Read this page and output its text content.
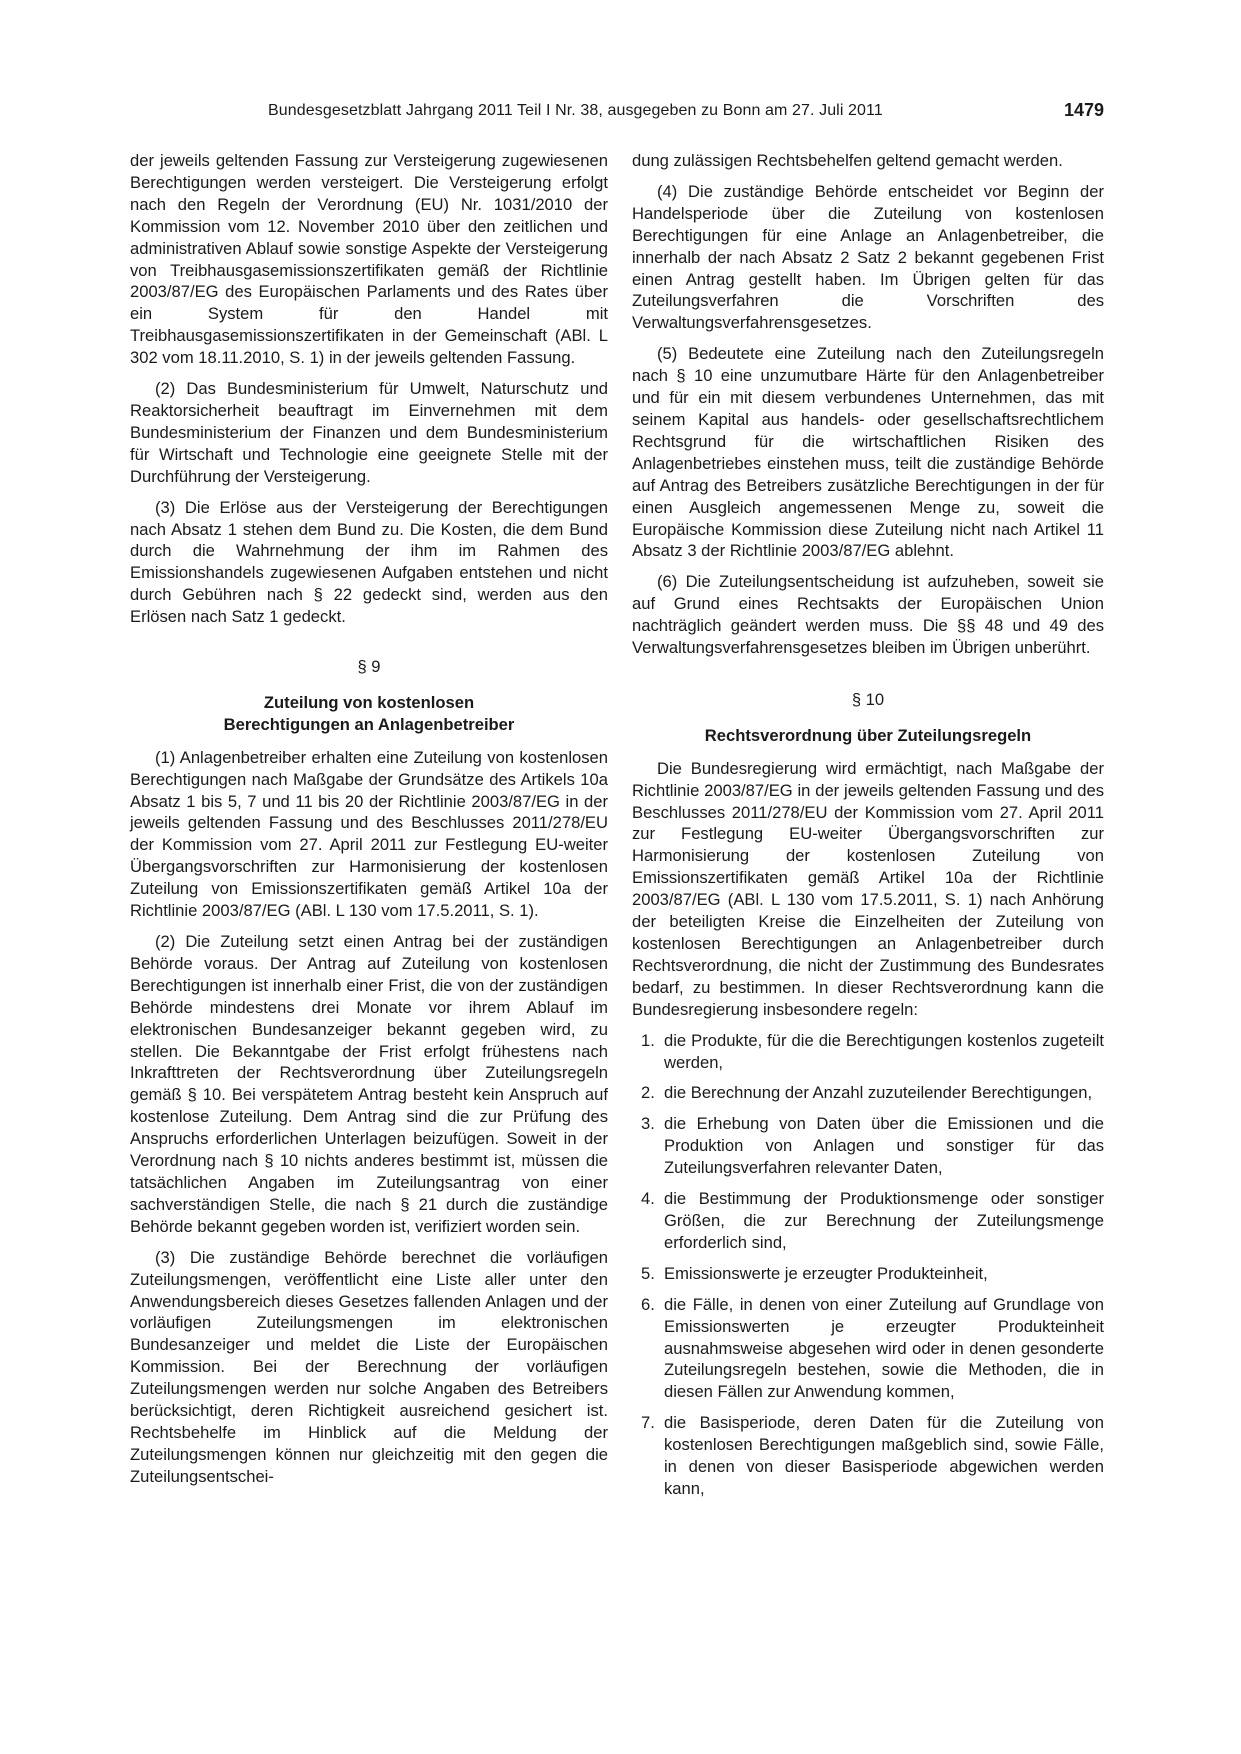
Bundesgesetzblatt Jahrgang 2011 Teil I Nr. 38, ausgegeben zu Bonn am 27. Juli 2011	1479

der jeweils geltenden Fassung zur Versteigerung zugewiesenen Berechtigungen werden versteigert. Die Versteigerung erfolgt nach den Regeln der Verordnung (EU) Nr. 1031/2010 der Kommission vom 12. November 2010 über den zeitlichen und administrativen Ablauf sowie sonstige Aspekte der Versteigerung von Treibhausgasemissionszertifikaten gemäß der Richtlinie 2003/87/EG des Europäischen Parlaments und des Rates über ein System für den Handel mit Treibhausgasemissionszertifikaten in der Gemeinschaft (ABl. L 302 vom 18.11.2010, S. 1) in der jeweils geltenden Fassung.

(2) Das Bundesministerium für Umwelt, Naturschutz und Reaktorsicherheit beauftragt im Einvernehmen mit dem Bundesministerium der Finanzen und dem Bundesministerium für Wirtschaft und Technologie eine geeignete Stelle mit der Durchführung der Versteigerung.

(3) Die Erlöse aus der Versteigerung der Berechtigungen nach Absatz 1 stehen dem Bund zu. Die Kosten, die dem Bund durch die Wahrnehmung der ihm im Rahmen des Emissionshandels zugewiesenen Aufgaben entstehen und nicht durch Gebühren nach § 22 gedeckt sind, werden aus den Erlösen nach Satz 1 gedeckt.

§ 9
Zuteilung von kostenlosen
Berechtigungen an Anlagenbetreiber

(1) Anlagenbetreiber erhalten eine Zuteilung von kostenlosen Berechtigungen nach Maßgabe der Grundsätze des Artikels 10a Absatz 1 bis 5, 7 und 11 bis 20 der Richtlinie 2003/87/EG in der jeweils geltenden Fassung und des Beschlusses 2011/278/EU der Kommission vom 27. April 2011 zur Festlegung EU-weiter Übergangsvorschriften zur Harmonisierung der kostenlosen Zuteilung von Emissionszertifikaten gemäß Artikel 10a der Richtlinie 2003/87/EG (ABl. L 130 vom 17.5.2011, S. 1).

(2) Die Zuteilung setzt einen Antrag bei der zuständigen Behörde voraus. Der Antrag auf Zuteilung von kostenlosen Berechtigungen ist innerhalb einer Frist, die von der zuständigen Behörde mindestens drei Monate vor ihrem Ablauf im elektronischen Bundesanzeiger bekannt gegeben wird, zu stellen. Die Bekanntgabe der Frist erfolgt frühestens nach Inkrafttreten der Rechtsverordnung über Zuteilungsregeln gemäß § 10. Bei verspätetem Antrag besteht kein Anspruch auf kostenlose Zuteilung. Dem Antrag sind die zur Prüfung des Anspruchs erforderlichen Unterlagen beizufügen. Soweit in der Verordnung nach § 10 nichts anderes bestimmt ist, müssen die tatsächlichen Angaben im Zuteilungsantrag von einer sachverständigen Stelle, die nach § 21 durch die zuständige Behörde bekannt gegeben worden ist, verifiziert worden sein.

(3) Die zuständige Behörde berechnet die vorläufigen Zuteilungsmengen, veröffentlicht eine Liste aller unter den Anwendungsbereich dieses Gesetzes fallenden Anlagen und der vorläufigen Zuteilungsmengen im elektronischen Bundesanzeiger und meldet die Liste der Europäischen Kommission. Bei der Berechnung der vorläufigen Zuteilungsmengen werden nur solche Angaben des Betreibers berücksichtigt, deren Richtigkeit ausreichend gesichert ist. Rechtsbehelfe im Hinblick auf die Meldung der Zuteilungsmengen können nur gleichzeitig mit den gegen die Zuteilungsentschei-

dung zulässigen Rechtsbehelfen geltend gemacht werden.

(4) Die zuständige Behörde entscheidet vor Beginn der Handelsperiode über die Zuteilung von kostenlosen Berechtigungen für eine Anlage an Anlagenbetreiber, die innerhalb der nach Absatz 2 Satz 2 bekannt gegebenen Frist einen Antrag gestellt haben. Im Übrigen gelten für das Zuteilungsverfahren die Vorschriften des Verwaltungsverfahrensgesetzes.

(5) Bedeutete eine Zuteilung nach den Zuteilungsregeln nach § 10 eine unzumutbare Härte für den Anlagenbetreiber und für ein mit diesem verbundenes Unternehmen, das mit seinem Kapital aus handels- oder gesellschaftsrechtlichem Rechtsgrund für die wirtschaftlichen Risiken des Anlagenbetriebes einstehen muss, teilt die zuständige Behörde auf Antrag des Betreibers zusätzliche Berechtigungen in der für einen Ausgleich angemessenen Menge zu, soweit die Europäische Kommission diese Zuteilung nicht nach Artikel 11 Absatz 3 der Richtlinie 2003/87/EG ablehnt.

(6) Die Zuteilungsentscheidung ist aufzuheben, soweit sie auf Grund eines Rechtsakts der Europäischen Union nachträglich geändert werden muss. Die §§ 48 und 49 des Verwaltungsverfahrensgesetzes bleiben im Übrigen unberührt.

§ 10
Rechtsverordnung über Zuteilungsregeln

Die Bundesregierung wird ermächtigt, nach Maßgabe der Richtlinie 2003/87/EG in der jeweils geltenden Fassung und des Beschlusses 2011/278/EU der Kommission vom 27. April 2011 zur Festlegung EU-weiter Übergangsvorschriften zur Harmonisierung der kostenlosen Zuteilung von Emissionszertifikaten gemäß Artikel 10a der Richtlinie 2003/87/EG (ABl. L 130 vom 17.5.2011, S. 1) nach Anhörung der beteiligten Kreise die Einzelheiten der Zuteilung von kostenlosen Berechtigungen an Anlagenbetreiber durch Rechtsverordnung, die nicht der Zustimmung des Bundesrates bedarf, zu bestimmen. In dieser Rechtsverordnung kann die Bundesregierung insbesondere regeln:

1. die Produkte, für die die Berechtigungen kostenlos zugeteilt werden,
2. die Berechnung der Anzahl zuzuteilender Berechtigungen,
3. die Erhebung von Daten über die Emissionen und die Produktion von Anlagen und sonstiger für das Zuteilungsverfahren relevanter Daten,
4. die Bestimmung der Produktionsmenge oder sonstiger Größen, die zur Berechnung der Zuteilungsmenge erforderlich sind,
5. Emissionswerte je erzeugter Produkteinheit,
6. die Fälle, in denen von einer Zuteilung auf Grundlage von Emissionswerten je erzeugter Produkteinheit ausnahmsweise abgesehen wird oder in denen gesonderte Zuteilungsregeln bestehen, sowie die Methoden, die in diesen Fällen zur Anwendung kommen,
7. die Basisperiode, deren Daten für die Zuteilung von kostenlosen Berechtigungen maßgeblich sind, sowie Fälle, in denen von dieser Basisperiode abgewichen werden kann,
